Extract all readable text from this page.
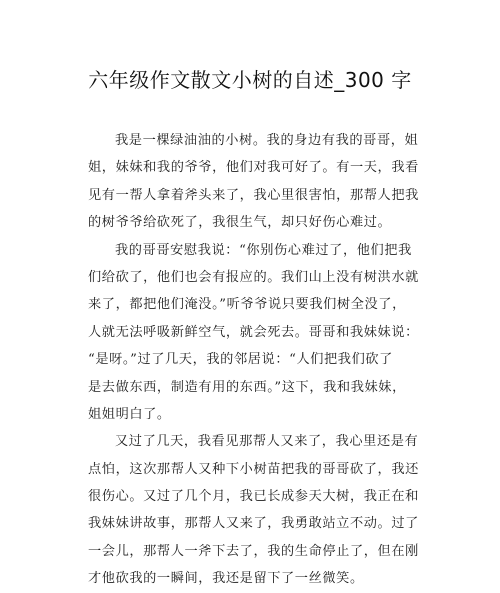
六年级作文散文小树的自述_300 字
我是一棵绿油油的小树。我的身边有我的哥哥，姐
姐，妹妹和我的爷爷，他们对我可好了。有一天，我看
见有一帮人拿着斧头来了，我心里很害怕，那帮人把我
的树爷爷给砍死了，我很生气，却只好伤心难过。
我的哥哥安慰我说：“你别伤心难过了，他们把我
们给砍了，他们也会有报应的。我们山上没有树洪水就
来了，都把他们淹没。”听爷爷说只要我们树全没了，
人就无法呼吸新鲜空气，就会死去。哥哥和我妹妹说：
“是呀。”过了几天，我的邻居说：“人们把我们砍了
是去做东西，制造有用的东西。”这下，我和我妹妹，
姐姐明白了。
又过了几天，我看见那帮人又来了，我心里还是有
点怕，这次那帮人又种下小树苗把我的哥哥砍了，我还
很伤心。又过了几个月，我已长成参天大树，我正在和
我妹妹讲故事，那帮人又来了，我勇敢站立不动。过了
一会儿，那帮人一斧下去了，我的生命停止了，但在刚
才他砍我的一瞬间，我还是留下了一丝微笑。
